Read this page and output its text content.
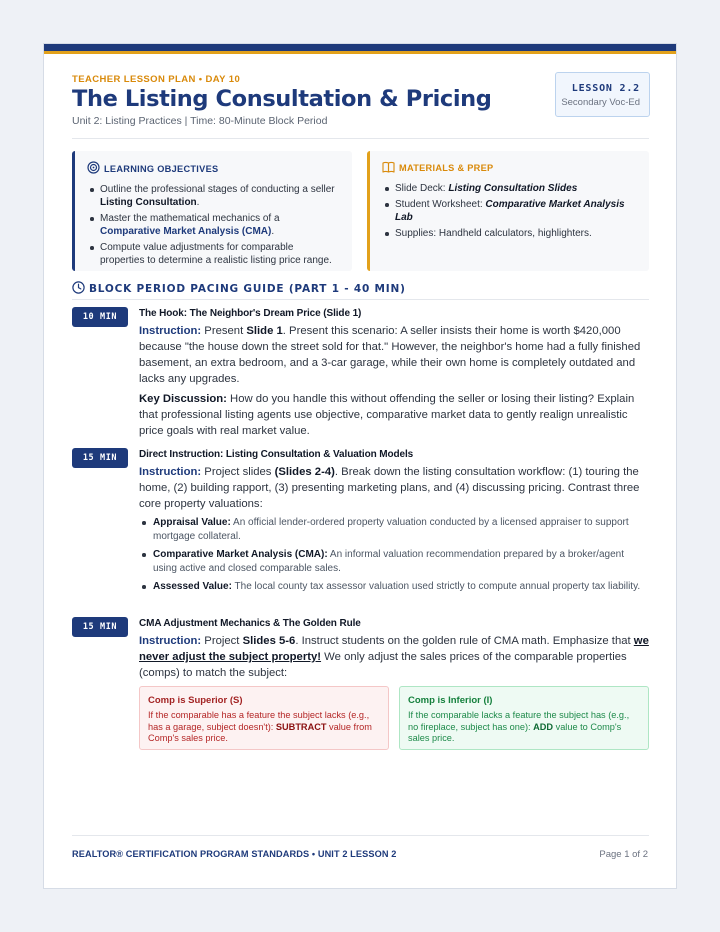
TEACHER LESSON PLAN • DAY 10
The Listing Consultation & Pricing
Unit 2: Listing Practices | Time: 80-Minute Block Period
LESSON 2.2
Secondary Voc-Ed
LEARNING OBJECTIVES
Outline the professional stages of conducting a seller Listing Consultation.
Master the mathematical mechanics of a Comparative Market Analysis (CMA).
Compute value adjustments for comparable properties to determine a realistic listing price range.
MATERIALS & PREP
Slide Deck: Listing Consultation Slides
Student Worksheet: Comparative Market Analysis Lab
Supplies: Handheld calculators, highlighters.
BLOCK PERIOD PACING GUIDE (PART 1 - 40 MIN)
10 MIN	The Hook: The Neighbor's Dream Price (Slide 1)

Instruction: Present Slide 1. Present this scenario: A seller insists their home is worth $420,000 because "the house down the street sold for that." However, the neighbor's home had a fully finished basement, an extra bedroom, and a 3-car garage, while their own home is completely outdated and lacks any upgrades.

Key Discussion: How do you handle this without offending the seller or losing their listing? Explain that professional listing agents use objective, comparative market data to gently realign unrealistic price goals with real market value.

15 MIN	Direct Instruction: Listing Consultation & Valuation Models

Instruction: Project slides (Slides 2-4). Break down the listing consultation workflow: (1) touring the home, (2) building rapport, (3) presenting marketing plans, and (4) discussing pricing. Contrast three core property valuations:

Appraisal Value: An official lender-ordered property valuation conducted by a licensed appraiser to support mortgage collateral.
Comparative Market Analysis (CMA): An informal valuation recommendation prepared by a broker/agent using active and closed comparable sales.
Assessed Value: The local county tax assessor valuation used strictly to compute annual property tax liability.
15 MIN	CMA Adjustment Mechanics & The Golden Rule

Instruction: Project Slides 5-6. Instruct students on the golden rule of CMA math. Emphasize that we never adjust the subject property! We only adjust the sales prices of the comparable properties (comps) to match the subject:

Comp is Superior (S)
If the comparable has a feature the subject lacks (e.g., has a garage, subject doesn't): SUBTRACT value from Comp's sales price.
Comp is Inferior (I)
If the comparable lacks a feature the subject has (e.g., no fireplace, subject has one): ADD value to Comp's sales price.
REALTOR® CERTIFICATION PROGRAM STANDARDS • UNIT 2 LESSON 2	Page 1 of 2
